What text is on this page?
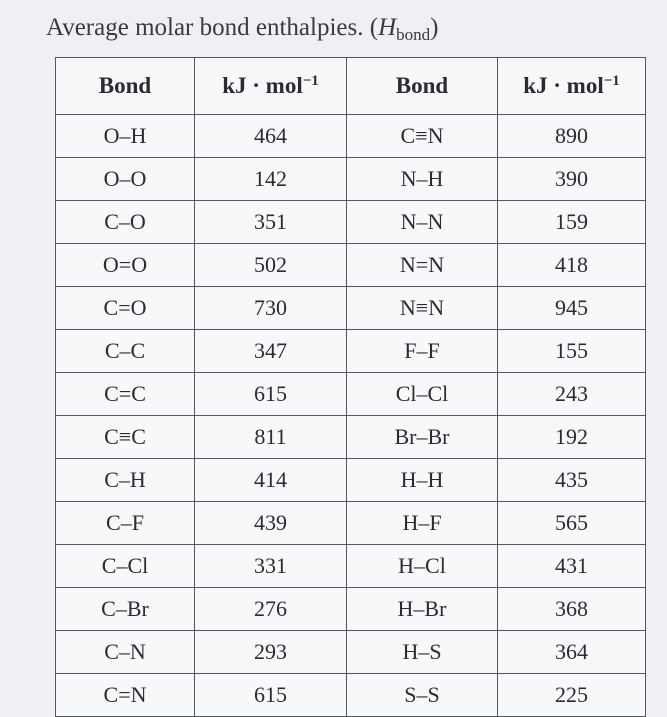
Average molar bond enthalpies. $(H_{bond})$
Bond	kJ · mol$^{-1}$	Bond	kJ · mol$^{-1}$
O–H	464	C≡N	890
O–O	142	N–H	390
C–O	351	N–N	159
O=O	502	N=N	418
C=O	730	N≡N	945
C–C	347	F–F	155
C=C	615	Cl–Cl	243
C≡C	811	Br–Br	192
C–H	414	H–H	435
C–F	439	H–F	565
C–Cl	331	H–Cl	431
C–Br	276	H–Br	368
C–N	293	H–S	364
C=N	615	S–S	225
